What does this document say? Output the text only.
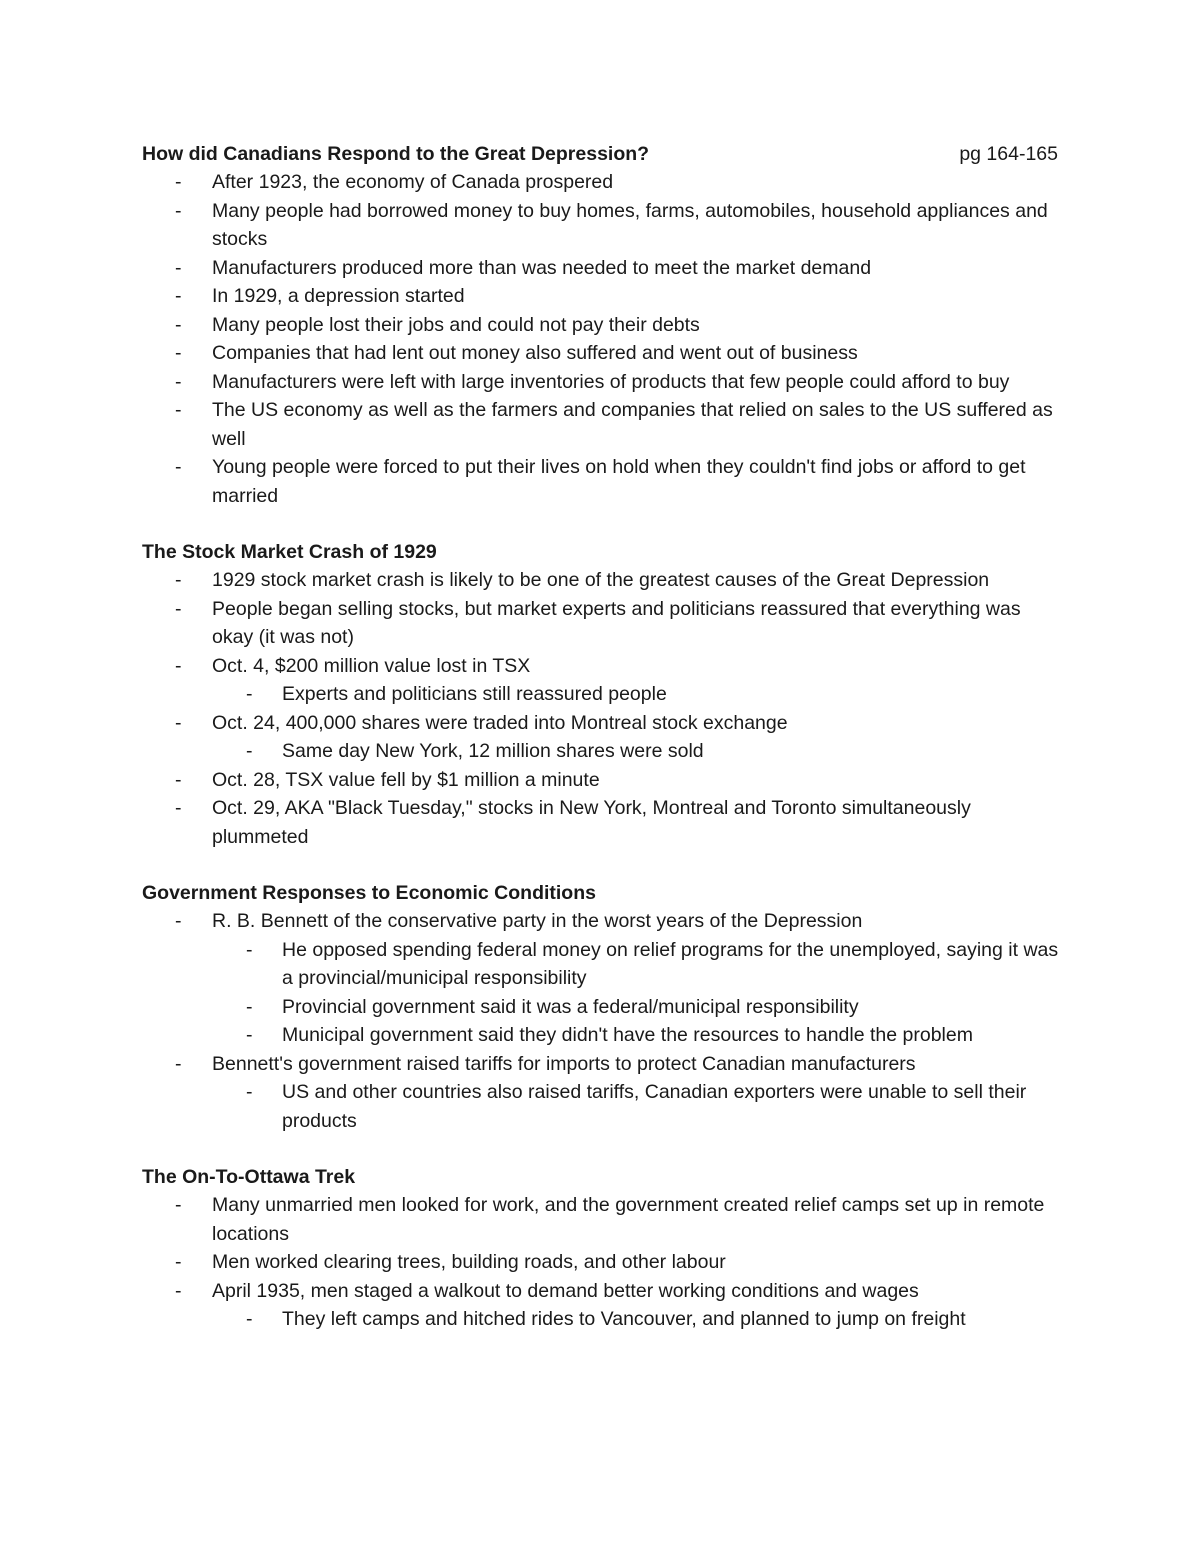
How did Canadians Respond to the Great Depression?	pg 164-165
- After 1923, the economy of Canada prospered
- Many people had borrowed money to buy homes, farms, automobiles, household appliances and stocks
- Manufacturers produced more than was needed to meet the market demand
- In 1929, a depression started
- Many people lost their jobs and could not pay their debts
- Companies that had lent out money also suffered and went out of business
- Manufacturers were left with large inventories of products that few people could afford to buy
- The US economy as well as the farmers and companies that relied on sales to the US suffered as well
- Young people were forced to put their lives on hold when they couldn't find jobs or afford to get married
The Stock Market Crash of 1929
- 1929 stock market crash is likely to be one of the greatest causes of the Great Depression
- People began selling stocks, but market experts and politicians reassured that everything was okay (it was not)
- Oct. 4, $200 million value lost in TSX
- Experts and politicians still reassured people
- Oct. 24, 400,000 shares were traded into Montreal stock exchange
- Same day New York, 12 million shares were sold
- Oct. 28, TSX value fell by $1 million a minute
- Oct. 29, AKA "Black Tuesday," stocks in New York, Montreal and Toronto simultaneously plummeted
Government Responses to Economic Conditions
- R. B. Bennett of the conservative party in the worst years of the Depression
- He opposed spending federal money on relief programs for the unemployed, saying it was a provincial/municipal responsibility
- Provincial government said it was a federal/municipal responsibility
- Municipal government said they didn't have the resources to handle the problem
- Bennett's government raised tariffs for imports to protect Canadian manufacturers
- US and other countries also raised tariffs, Canadian exporters were unable to sell their products
The On-To-Ottawa Trek
- Many unmarried men looked for work, and the government created relief camps set up in remote locations
- Men worked clearing trees, building roads, and other labour
- April 1935, men staged a walkout to demand better working conditions and wages
- They left camps and hitched rides to Vancouver, and planned to jump on freight
